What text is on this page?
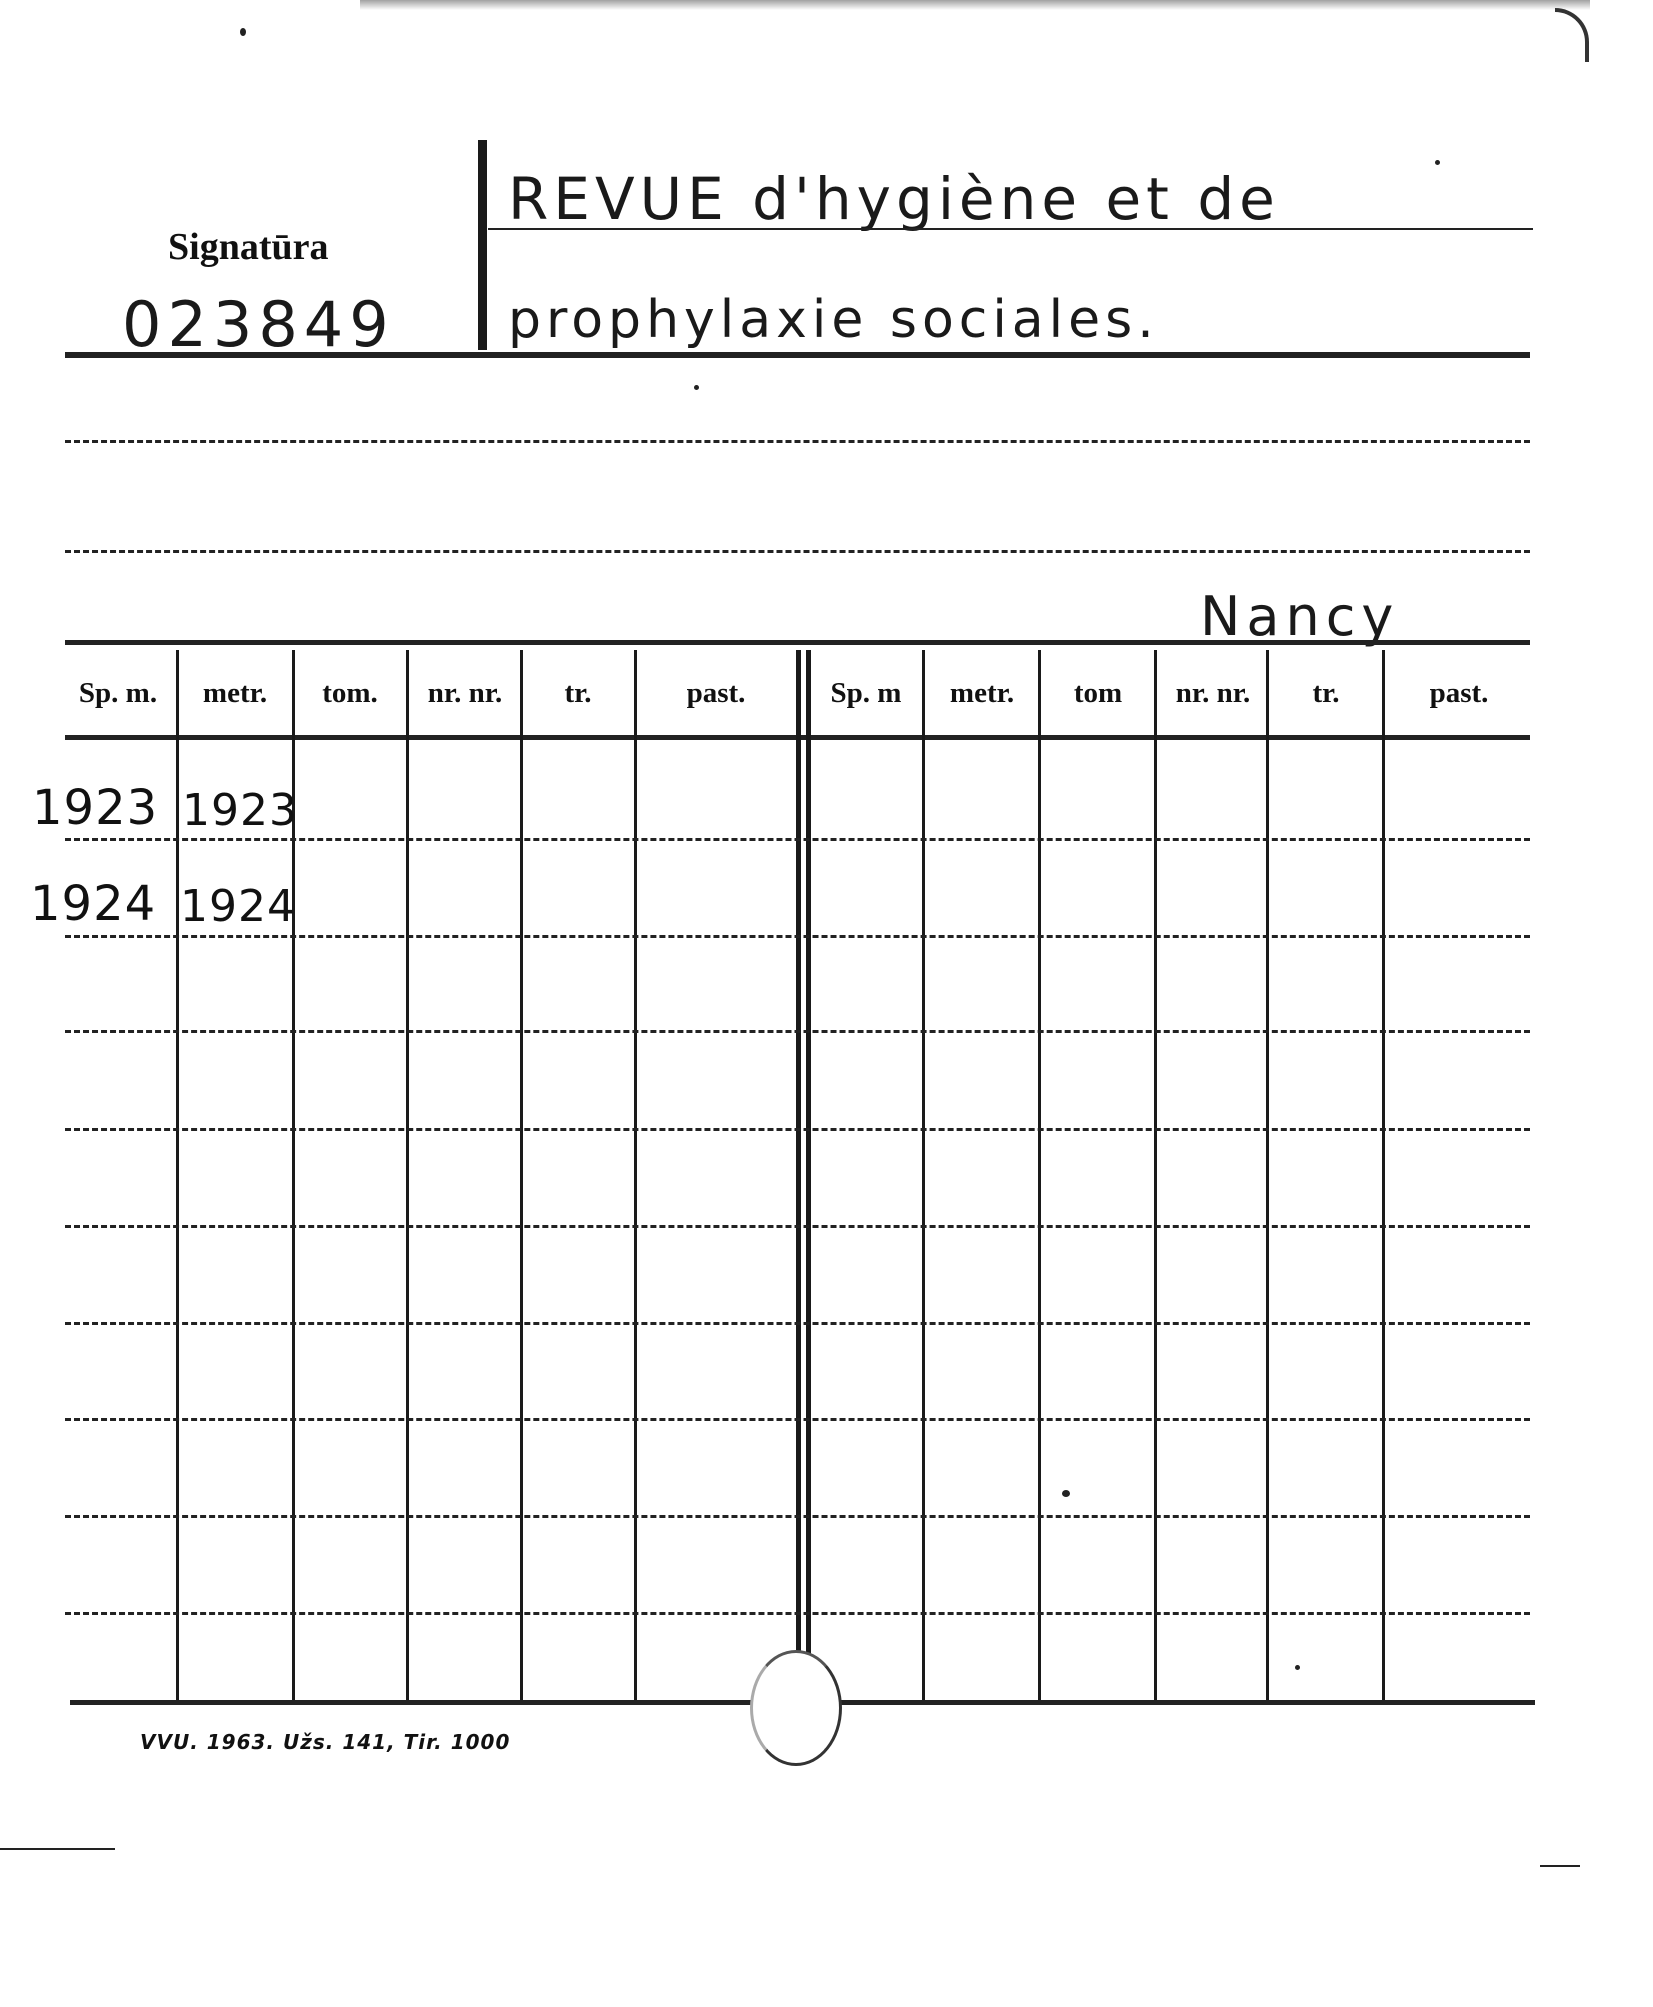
Signatūra
023849
REVUE d'hygiène et de
prophylaxie sociales.
Nancy
Sp. m.	metr.	tom.	nr. nr.	tr.	past.	Sp. m	metr.	tom	nr. nr.	tr.	past.
1923 1923
1924 1924
VVU. 1963. Užs. 141, Tir. 1000
